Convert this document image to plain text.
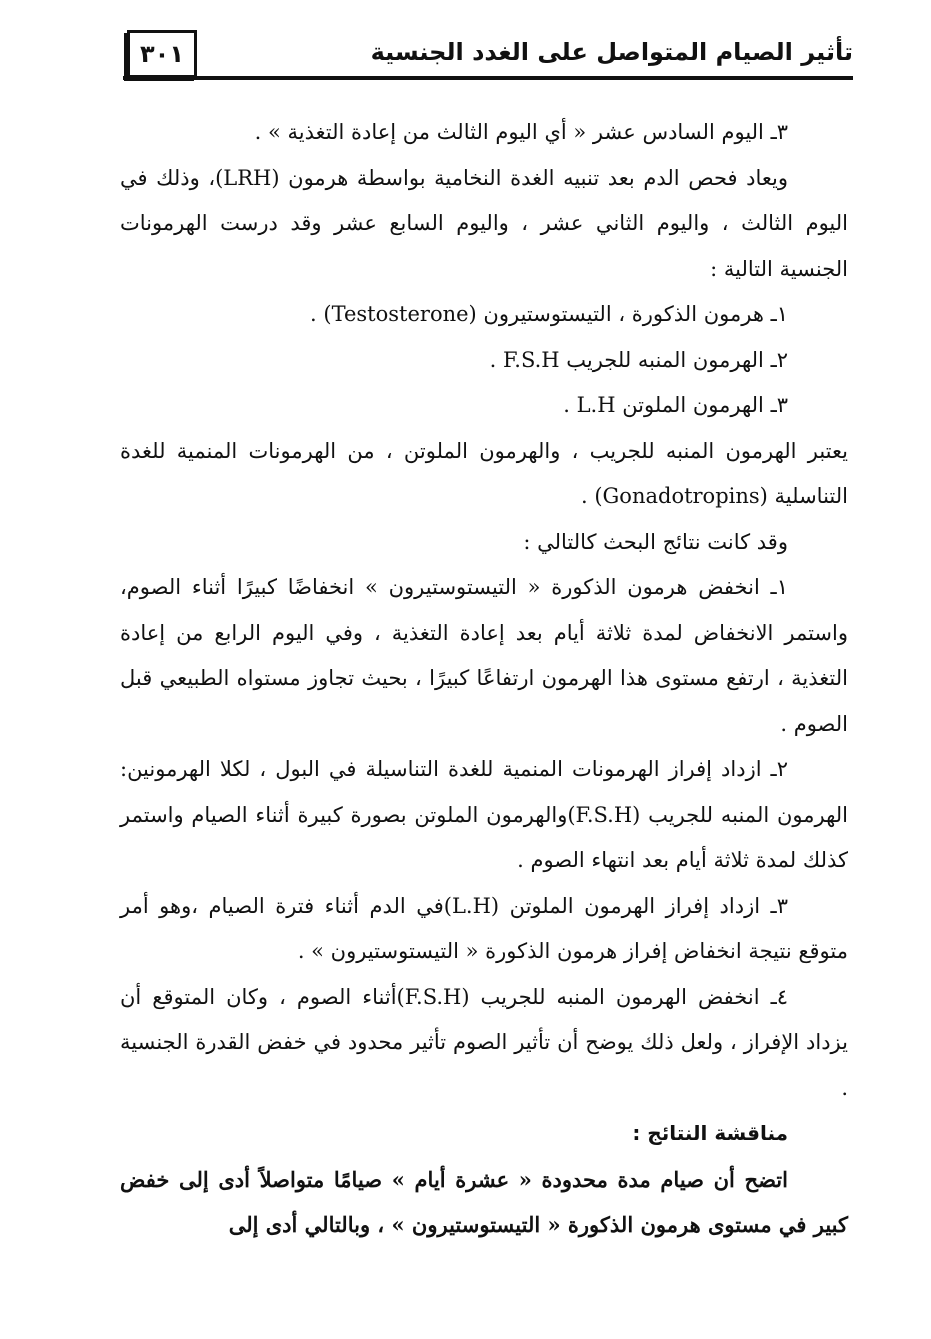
تأثير الصيام المتواصل على الغدد الجنسية
٣٠١

٣ـ اليوم السادس عشر « أي اليوم الثالث من إعادة التغذية » .

ويعاد فحص الدم بعد تنبيه الغدة النخامية بواسطة هرمون (LRH)، وذلك في اليوم الثالث ، واليوم الثاني عشر ، واليوم السابع عشر وقد درست الهرمونات الجنسية التالية :

١ـ هرمون الذكورة ، التيستوستيرون (Testosterone) .

٢ـ الهرمون المنبه للجريب F.S.H .

٣ـ الهرمون الملوتن L.H .

يعتبر الهرمون المنبه للجريب ، والهرمون الملوتن ، من الهرمونات المنمية للغدة التناسلية (Gonadotropins) .

وقد كانت نتائج البحث كالتالي :

١ـ انخفض هرمون الذكورة « التيستوستيرون » انخفاضًا كبيرًا أثناء الصوم، واستمر الانخفاض لمدة ثلاثة أيام بعد إعادة التغذية ، وفي اليوم الرابع من إعادة التغذية ، ارتفع مستوى هذا الهرمون ارتفاعًا كبيرًا ، بحيث تجاوز مستواه الطبيعي قبل الصوم .

٢ـ ازداد إفراز الهرمونات المنمية للغدة التناسيلة في البول ، لكلا الهرمونين: الهرمون المنبه للجريب (F.S.H)والهرمون الملوتن بصورة كبيرة أثناء الصيام واستمر كذلك لمدة ثلاثة أيام بعد انتهاء الصوم .

٣ـ ازداد إفراز الهرمون الملوتن (L.H)في الدم أثناء فترة الصيام ،وهو أمر متوقع نتيجة انخفاض إفراز هرمون الذكورة « التيستوستيرون » .

٤ـ انخفض الهرمون المنبه للجريب (F.S.H)أثناء الصوم ، وكان المتوقع أن يزداد الإفراز ، ولعل ذلك يوضح أن تأثير الصوم تأثير محدود في خفض القدرة الجنسية .

مناقشة النتائج :

اتضح أن صيام مدة محدودة « عشرة أيام » صيامًا متواصلاً أدى إلى خفض كبير في مستوى هرمون الذكورة « التيستوستيرون » ، وبالتالي أدى إلى
